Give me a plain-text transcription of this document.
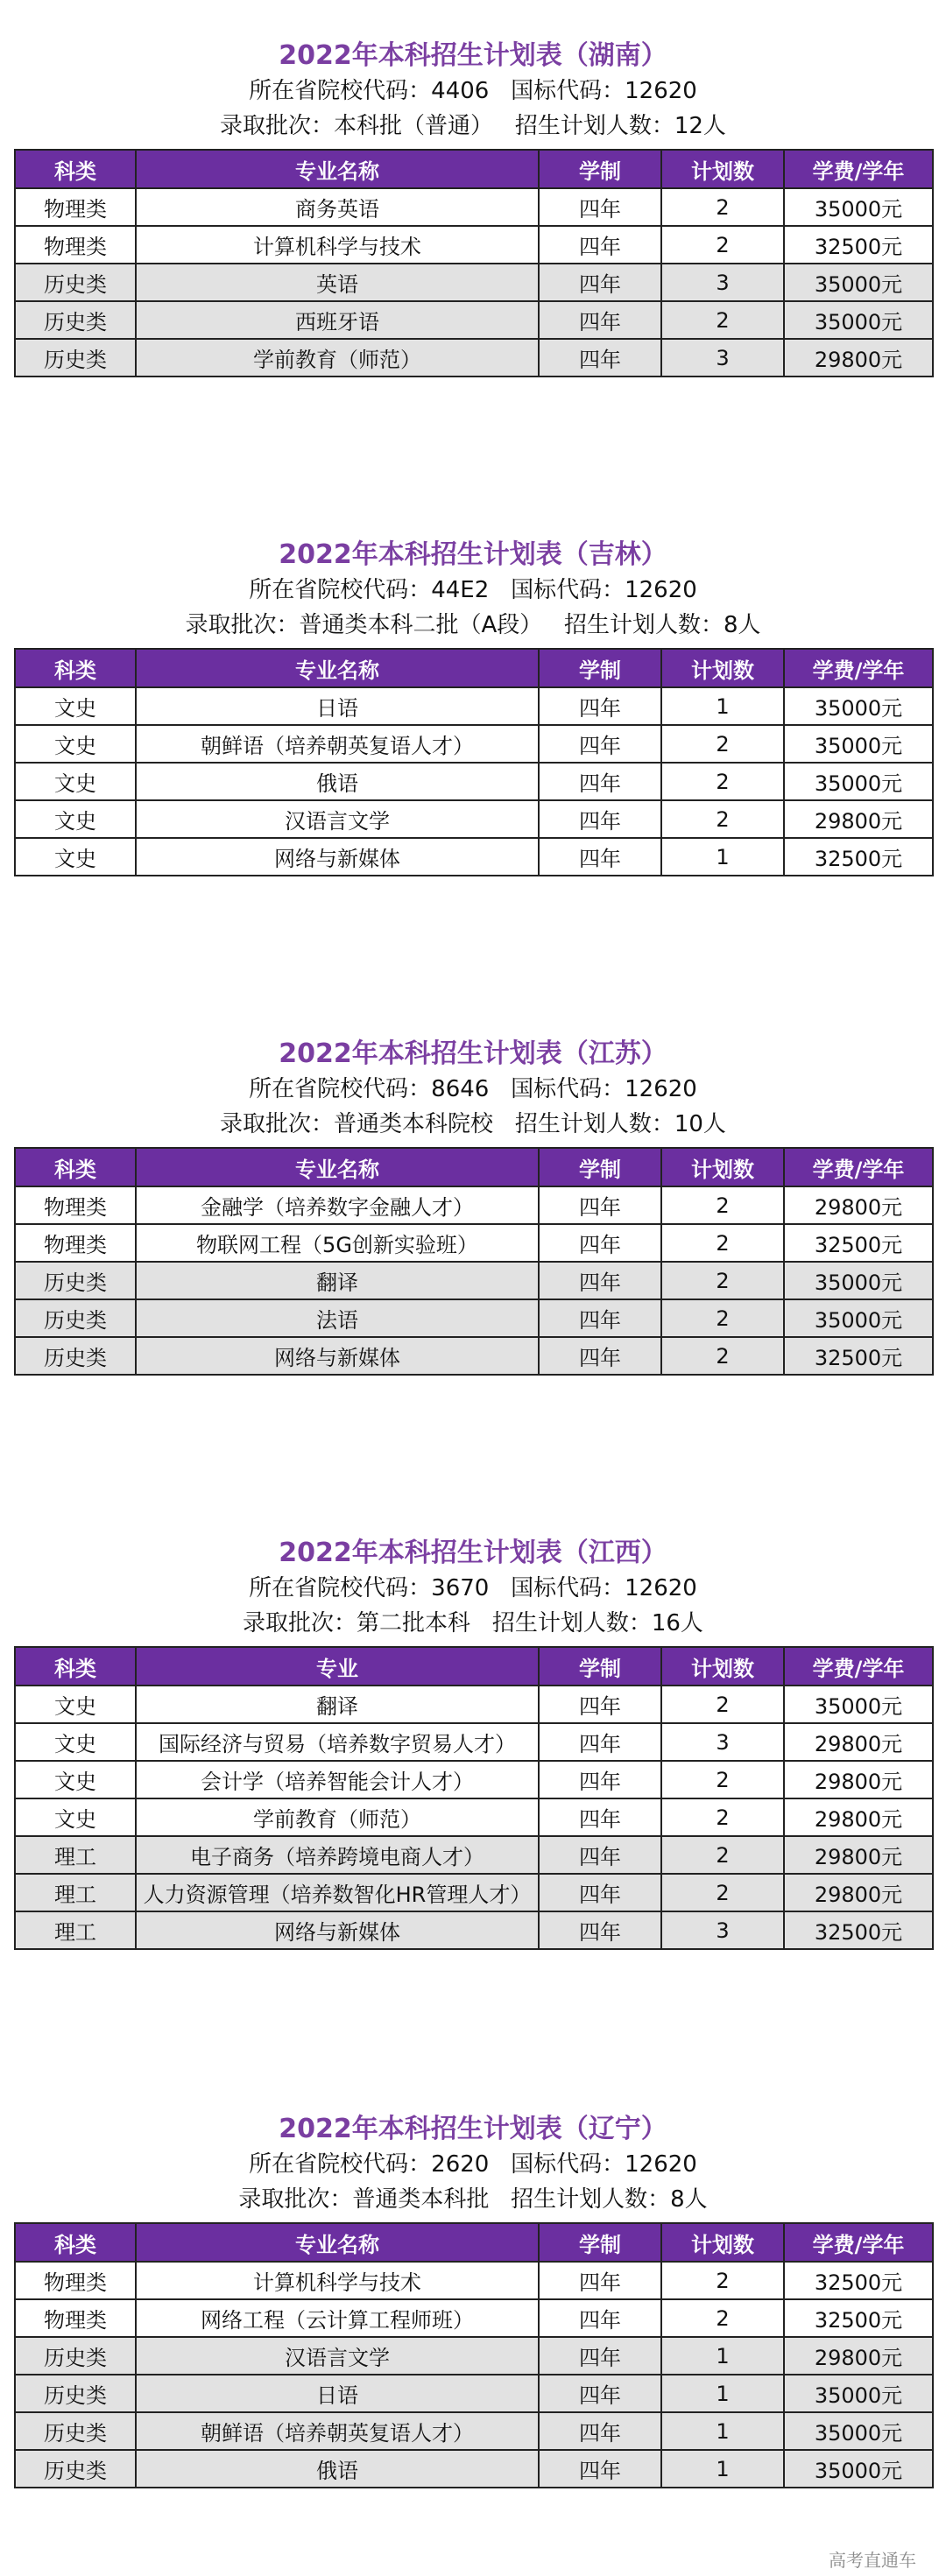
2022年本科招生计划表（湖南）
所在省院校代码：4406   国标代码：12620
录取批次：本科批（普通）   招生计划人数：12人
科类	专业名称	学制	计划数	学费/学年
物理类	商务英语	四年	2	35000元
物理类	计算机科学与技术	四年	2	32500元
历史类	英语	四年	3	35000元
历史类	西班牙语	四年	2	35000元
历史类	学前教育（师范）	四年	3	29800元
2022年本科招生计划表（吉林）
所在省院校代码：44E2   国标代码：12620
录取批次：普通类本科二批（A段）   招生计划人数：8人
科类	专业名称	学制	计划数	学费/学年
文史	日语	四年	1	35000元
文史	朝鲜语（培养朝英复语人才）	四年	2	35000元
文史	俄语	四年	2	35000元
文史	汉语言文学	四年	2	29800元
文史	网络与新媒体	四年	1	32500元
2022年本科招生计划表（江苏）
所在省院校代码：8646   国标代码：12620
录取批次：普通类本科院校   招生计划人数：10人
科类	专业名称	学制	计划数	学费/学年
物理类	金融学（培养数字金融人才）	四年	2	29800元
物理类	物联网工程（5G创新实验班）	四年	2	32500元
历史类	翻译	四年	2	35000元
历史类	法语	四年	2	35000元
历史类	网络与新媒体	四年	2	32500元
2022年本科招生计划表（江西）
所在省院校代码：3670   国标代码：12620
录取批次：第二批本科   招生计划人数：16人
科类	专业	学制	计划数	学费/学年
文史	翻译	四年	2	35000元
文史	国际经济与贸易（培养数字贸易人才）	四年	3	29800元
文史	会计学（培养智能会计人才）	四年	2	29800元
文史	学前教育（师范）	四年	2	29800元
理工	电子商务（培养跨境电商人才）	四年	2	29800元
理工	人力资源管理（培养数智化HR管理人才）	四年	2	29800元
理工	网络与新媒体	四年	3	32500元
2022年本科招生计划表（辽宁）
所在省院校代码：2620   国标代码：12620
录取批次：普通类本科批   招生计划人数：8人
科类	专业名称	学制	计划数	学费/学年
物理类	计算机科学与技术	四年	2	32500元
物理类	网络工程（云计算工程师班）	四年	2	32500元
历史类	汉语言文学	四年	1	29800元
历史类	日语	四年	1	35000元
历史类	朝鲜语（培养朝英复语人才）	四年	1	35000元
历史类	俄语	四年	1	35000元
高考直通车
